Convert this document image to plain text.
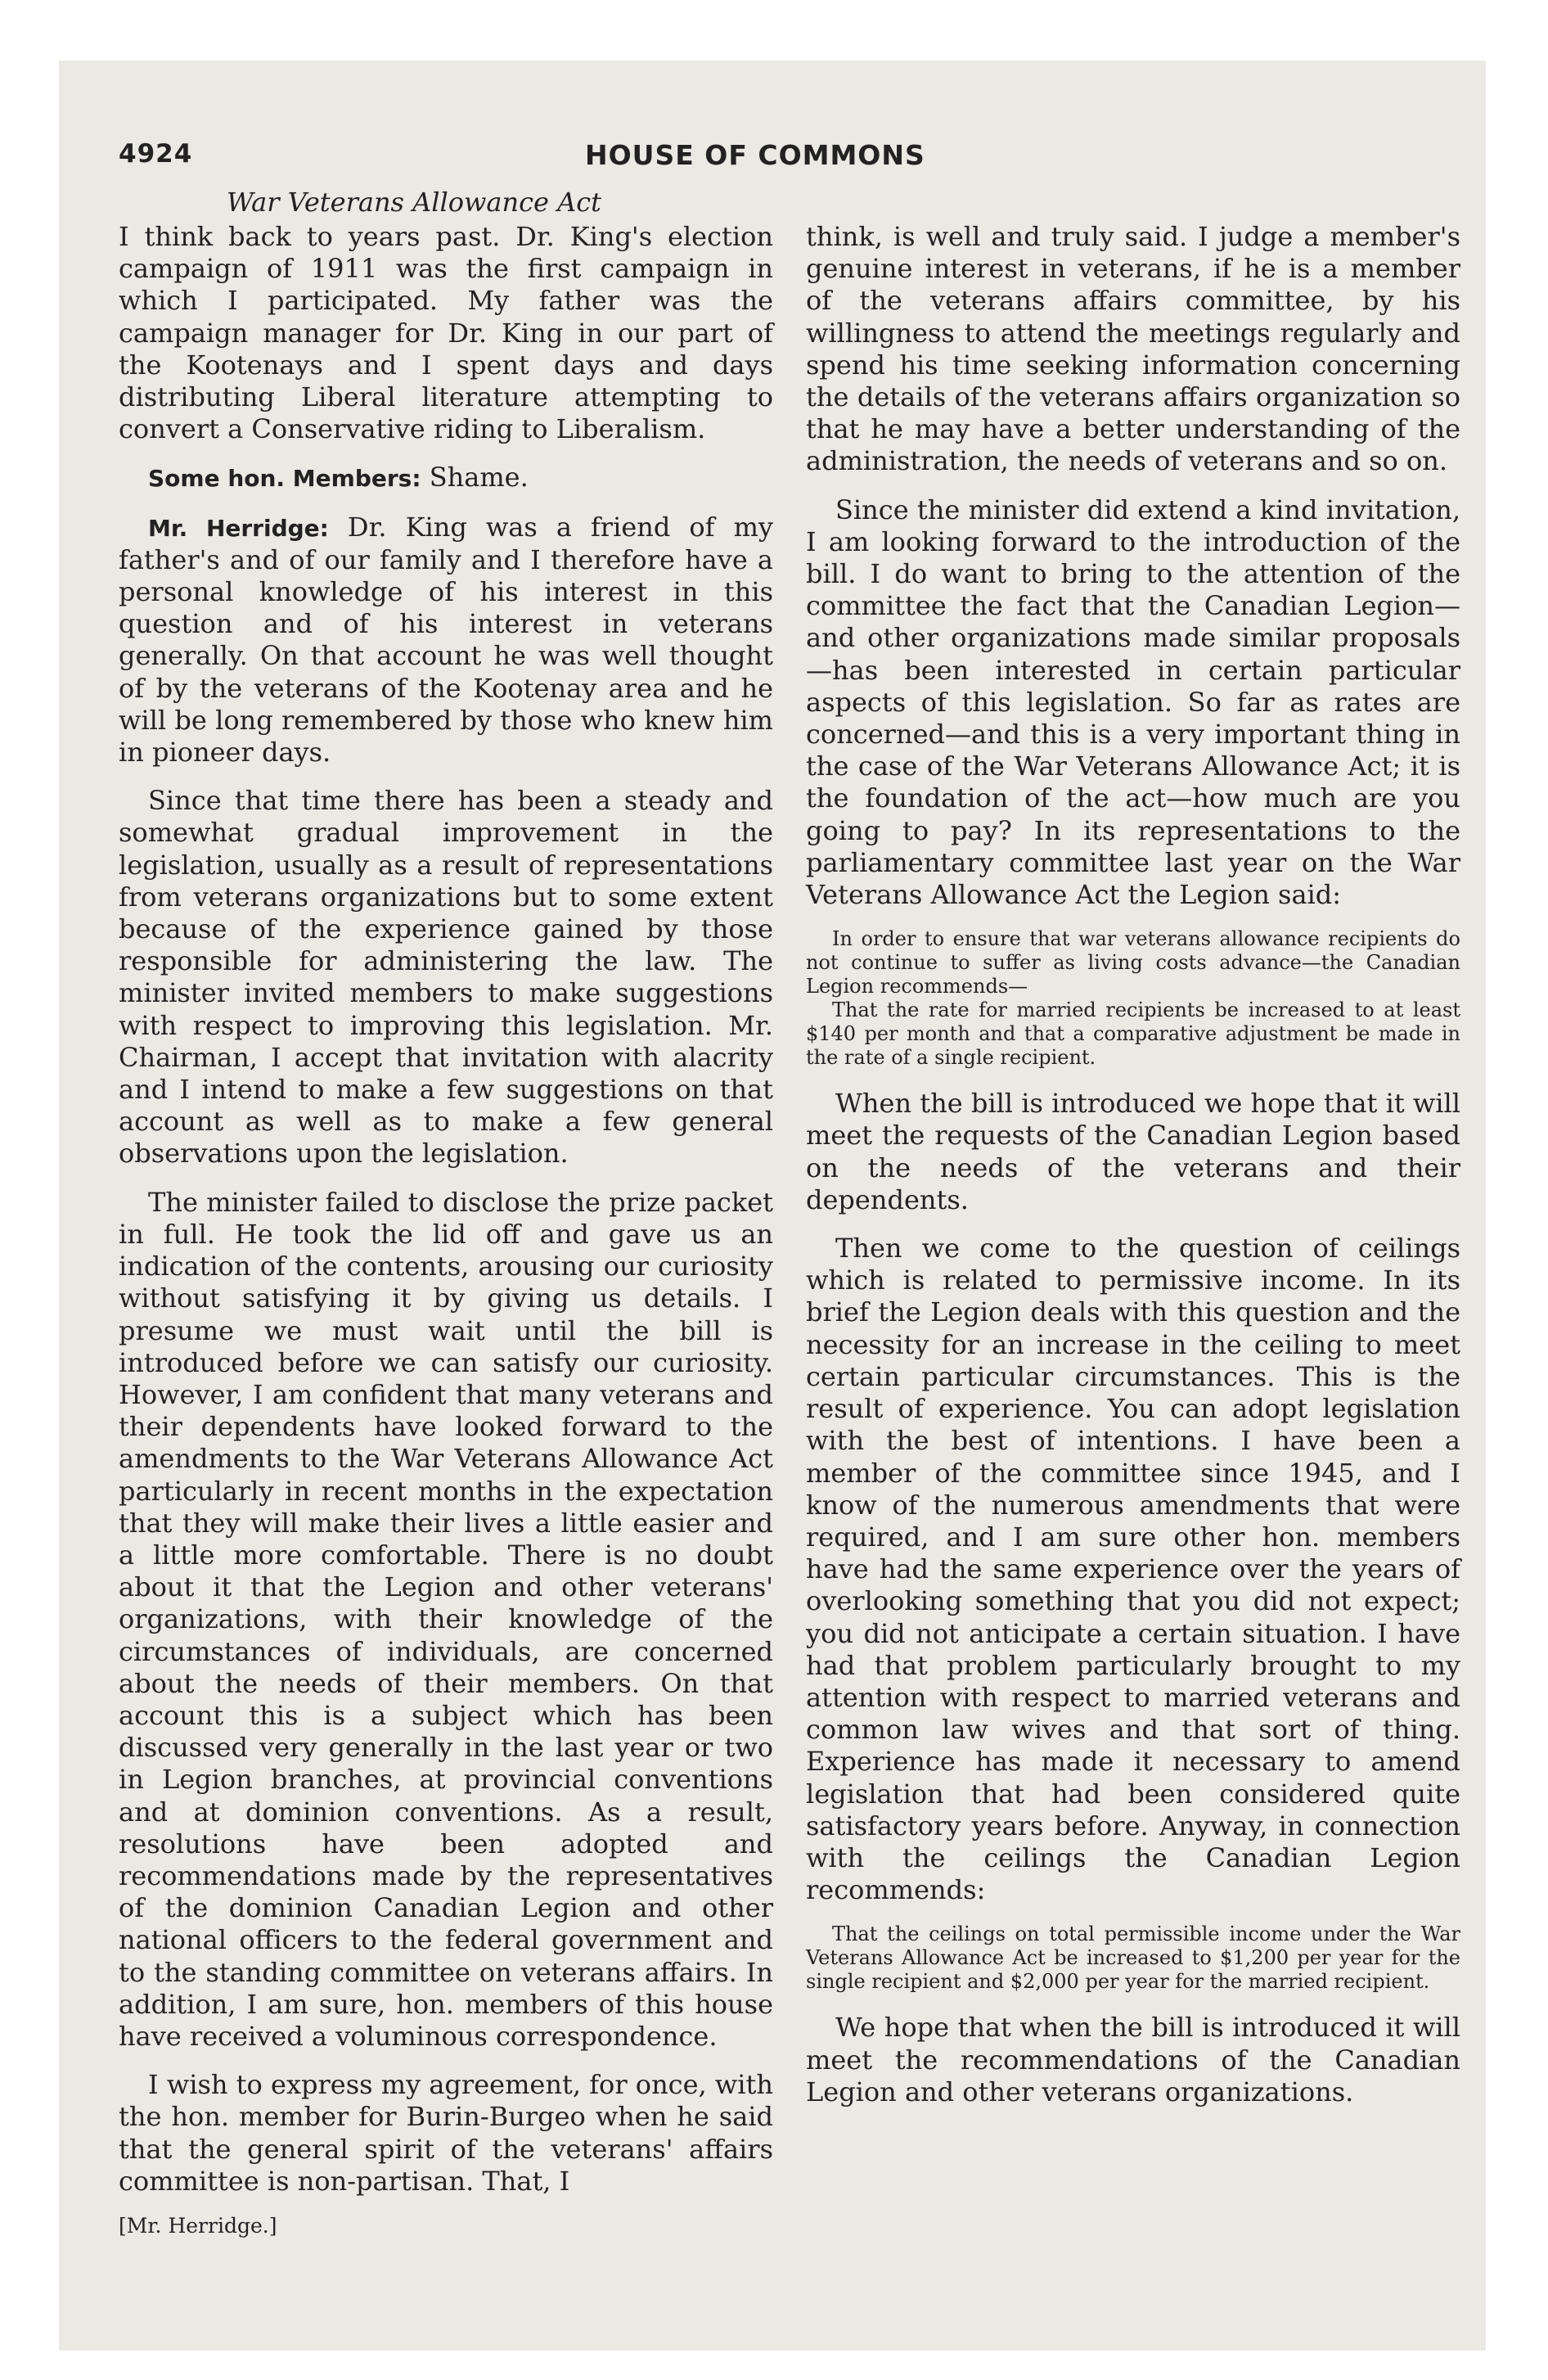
4924	HOUSE OF COMMONS
War Veterans Allowance Act

I think back to years past. Dr. King's election campaign of 1911 was the first campaign in which I participated. My father was the campaign manager for Dr. King in our part of the Kootenays and I spent days and days distributing Liberal literature attempting to convert a Conservative riding to Liberalism.

Some hon. Members: Shame.

Mr. Herridge: Dr. King was a friend of my father's and of our family and I therefore have a personal knowledge of his interest in this question and of his interest in veterans generally. On that account he was well thought of by the veterans of the Kootenay area and he will be long remembered by those who knew him in pioneer days.

Since that time there has been a steady and somewhat gradual improvement in the legislation, usually as a result of representations from veterans organizations but to some extent because of the experience gained by those responsible for administering the law. The minister invited members to make suggestions with respect to improving this legislation. Mr. Chairman, I accept that invitation with alacrity and I intend to make a few suggestions on that account as well as to make a few general observations upon the legislation.

The minister failed to disclose the prize packet in full. He took the lid off and gave us an indication of the contents, arousing our curiosity without satisfying it by giving us details. I presume we must wait until the bill is introduced before we can satisfy our curiosity. However, I am confident that many veterans and their dependents have looked forward to the amendments to the War Veterans Allowance Act particularly in recent months in the expectation that they will make their lives a little easier and a little more comfortable. There is no doubt about it that the Legion and other veterans' organizations, with their knowledge of the circumstances of individuals, are concerned about the needs of their members. On that account this is a subject which has been discussed very generally in the last year or two in Legion branches, at provincial conventions and at dominion conventions. As a result, resolutions have been adopted and recommendations made by the representatives of the dominion Canadian Legion and other national officers to the federal government and to the standing committee on veterans affairs. In addition, I am sure, hon. members of this house have received a voluminous correspondence.

I wish to express my agreement, for once, with the hon. member for Burin-Burgeo when he said that the general spirit of the veterans' affairs committee is non-partisan. That, I

[Mr. Herridge.]

think, is well and truly said. I judge a member's genuine interest in veterans, if he is a member of the veterans affairs committee, by his willingness to attend the meetings regularly and spend his time seeking information concerning the details of the veterans affairs organization so that he may have a better understanding of the administration, the needs of veterans and so on.

Since the minister did extend a kind invitation, I am looking forward to the introduction of the bill. I do want to bring to the attention of the committee the fact that the Canadian Legion—and other organizations made similar proposals—has been interested in certain particular aspects of this legislation. So far as rates are concerned—and this is a very important thing in the case of the War Veterans Allowance Act; it is the foundation of the act—how much are you going to pay? In its representations to the parliamentary committee last year on the War Veterans Allowance Act the Legion said:

In order to ensure that war veterans allowance recipients do not continue to suffer as living costs advance—the Canadian Legion recommends—

That the rate for married recipients be increased to at least $140 per month and that a comparative adjustment be made in the rate of a single recipient.

When the bill is introduced we hope that it will meet the requests of the Canadian Legion based on the needs of the veterans and their dependents.

Then we come to the question of ceilings which is related to permissive income. In its brief the Legion deals with this question and the necessity for an increase in the ceiling to meet certain particular circumstances. This is the result of experience. You can adopt legislation with the best of intentions. I have been a member of the committee since 1945, and I know of the numerous amendments that were required, and I am sure other hon. members have had the same experience over the years of overlooking something that you did not expect; you did not anticipate a certain situation. I have had that problem particularly brought to my attention with respect to married veterans and common law wives and that sort of thing. Experience has made it necessary to amend legislation that had been considered quite satisfactory years before. Anyway, in connection with the ceilings the Canadian Legion recommends:

That the ceilings on total permissible income under the War Veterans Allowance Act be increased to $1,200 per year for the single recipient and $2,000 per year for the married recipient.

We hope that when the bill is introduced it will meet the recommendations of the Canadian Legion and other veterans organizations.
